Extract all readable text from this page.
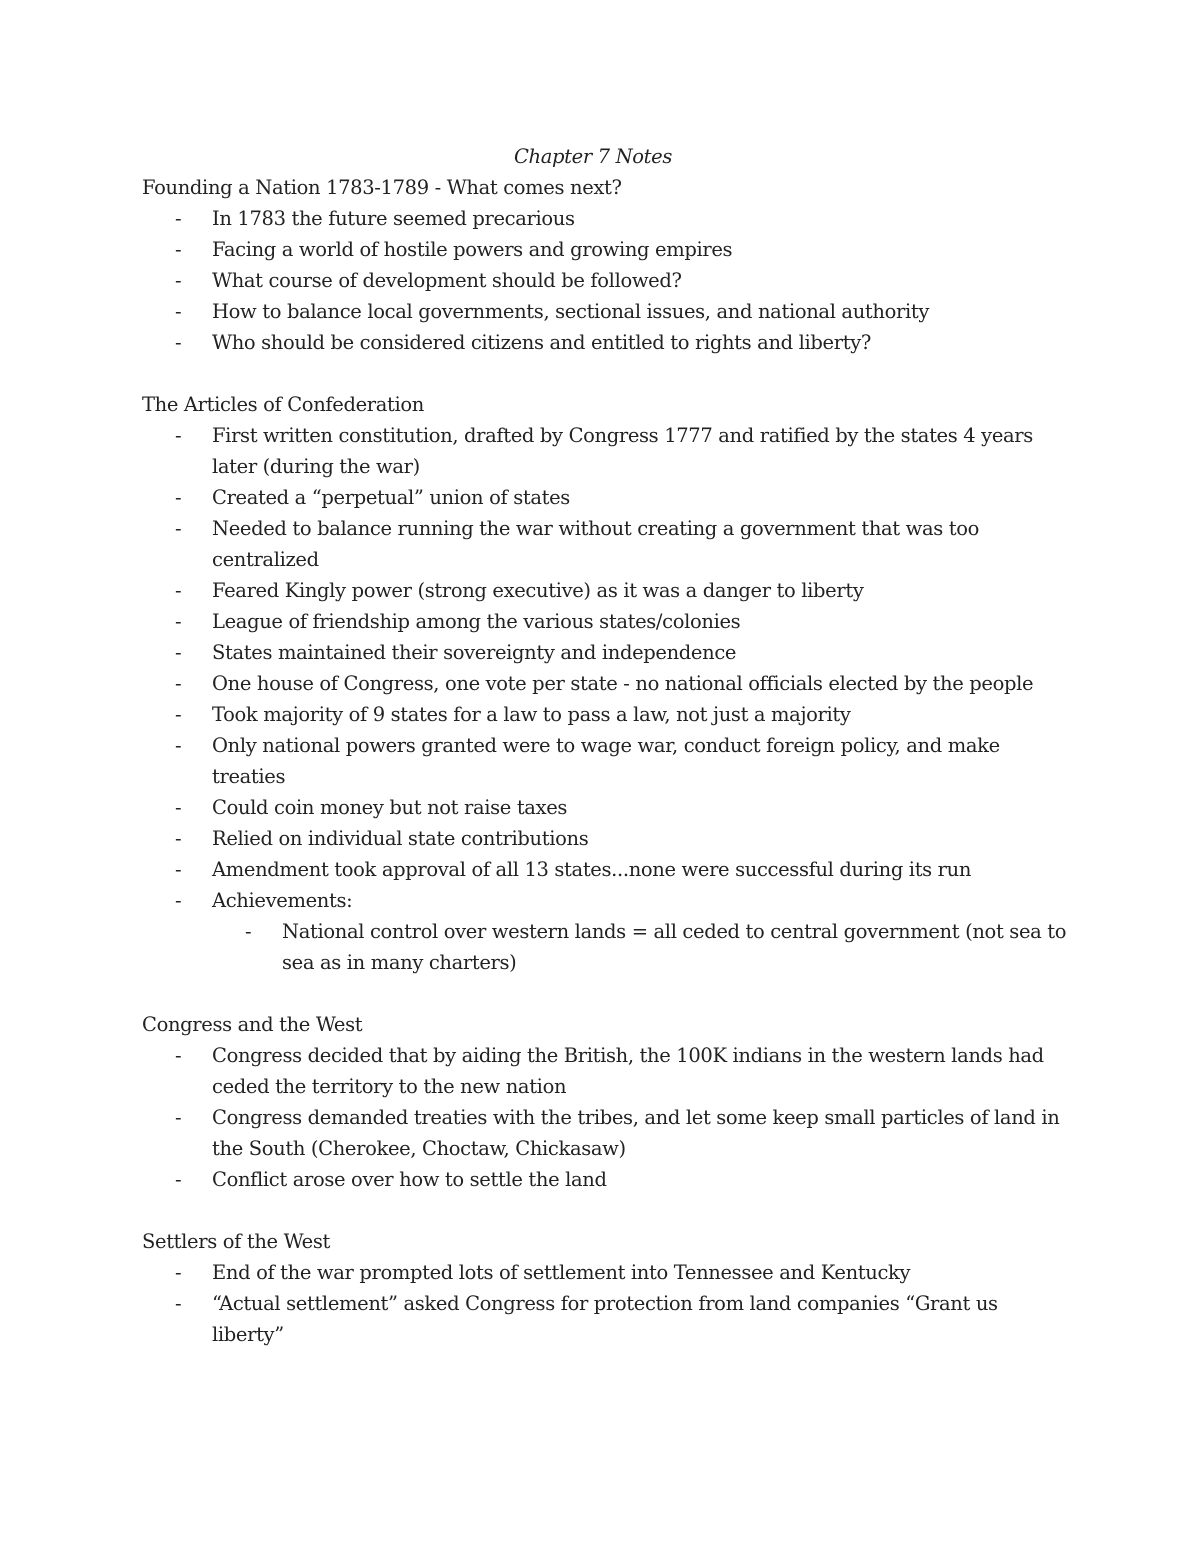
Chapter 7 Notes

Founding a Nation 1783-1789 - What comes next?

- In 1783 the future seemed precarious
- Facing a world of hostile powers and growing empires
- What course of development should be followed?
- How to balance local governments, sectional issues, and national authority
- Who should be considered citizens and entitled to rights and liberty?

The Articles of Confederation

- First written constitution, drafted by Congress 1777 and ratified by the states 4 years later (during the war)
- Created a “perpetual” union of states
- Needed to balance running the war without creating a government that was too centralized
- Feared Kingly power (strong executive) as it was a danger to liberty
- League of friendship among the various states/colonies
- States maintained their sovereignty and independence
- One house of Congress, one vote per state - no national officials elected by the people
- Took majority of 9 states for a law to pass a law, not just a majority
- Only national powers granted were to wage war, conduct foreign policy, and make treaties
- Could coin money but not raise taxes
- Relied on individual state contributions
- Amendment took approval of all 13 states...none were successful during its run
- Achievements:
- National control over western lands = all ceded to central government (not sea to sea as in many charters)

Congress and the West

- Congress decided that by aiding the British, the 100K indians in the western lands had ceded the territory to the new nation
- Congress demanded treaties with the tribes, and let some keep small particles of land in the South (Cherokee, Choctaw, Chickasaw)
- Conflict arose over how to settle the land

Settlers of the West

- End of the war prompted lots of settlement into Tennessee and Kentucky
- “Actual settlement” asked Congress for protection from land companies “Grant us liberty”
